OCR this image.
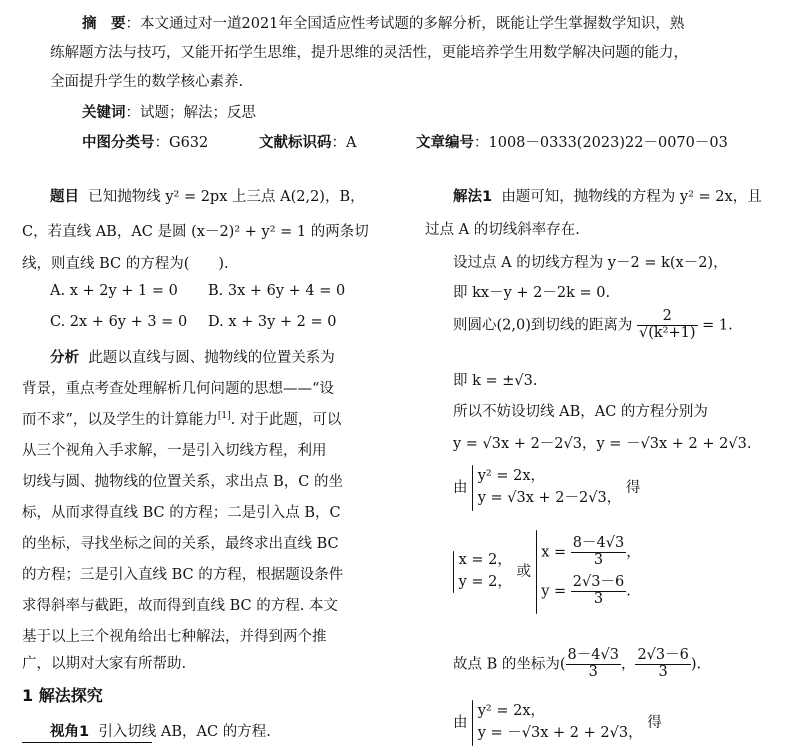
摘　要：本文通过对一道2021年全国适应性考试题的多解分析，既能让学生掌握数学知识，熟
练解题方法与技巧，又能开拓学生思维，提升思维的灵活性，更能培养学生用数学解决问题的能力，
全面提升学生的数学核心素养.
关键词：试题；解法；反思
中图分类号：G632	文献标识码：A	文章编号：1008－0333(2023)22－0070－03
题目 已知抛物线 y² = 2px 上三点 A(2,2)，B，
C，若直线 AB，AC 是圆 (x－2)² + y² = 1 的两条切
线，则直线 BC 的方程为(　　).
A. x + 2y + 1 = 0 B. 3x + 6y + 4 = 0
C. 2x + 6y + 3 = 0 D. x + 3y + 2 = 0
分析 此题以直线与圆、抛物线的位置关系为
背景，重点考查处理解析几何问题的思想——“设
而不求”，以及学生的计算能力[1]. 对于此题，可以
从三个视角入手求解，一是引入切线方程，利用
切线与圆、抛物线的位置关系，求出点 B，C 的坐
标，从而求得直线 BC 的方程；二是引入点 B，C
的坐标，寻找坐标之间的关系，最终求出直线 BC
的方程；三是引入直线 BC 的方程，根据题设条件
求得斜率与截距，故而得到直线 BC 的方程. 本文
基于以上三个视角给出七种解法，并得到两个推
广，以期对大家有所帮助.
1 解法探究
视角1 引入切线 AB，AC 的方程.
解法1 由题可知，抛物线的方程为 y² = 2x，且
过点 A 的切线斜率存在.
设过点 A 的切线方程为 y－2 = k(x－2)，
即 kx－y + 2－2k = 0.
则圆心(2,0)到切线的距离为 $\frac{2}{\text{√(k²+1)}} = 1$.
即 k = ±√3.
所以不妨设切线 AB，AC 的方程分别为
y = √3x + 2－2√3，y = －√3x + 2 + 2√3.
由
y² = 2x，
y = √3x + 2－2√3，
得

x = 2，
y = 2，
或
$x = \frac{8-4√3}{3}$ ，
$y = \frac{2√3-6}{3}$ .
故点 B 的坐标为( $\frac{8-4√3}{3}$ ， $\frac{2√3-6}{3}$ ).
由
y² = 2x，
y = －√3x + 2 + 2√3，
得
